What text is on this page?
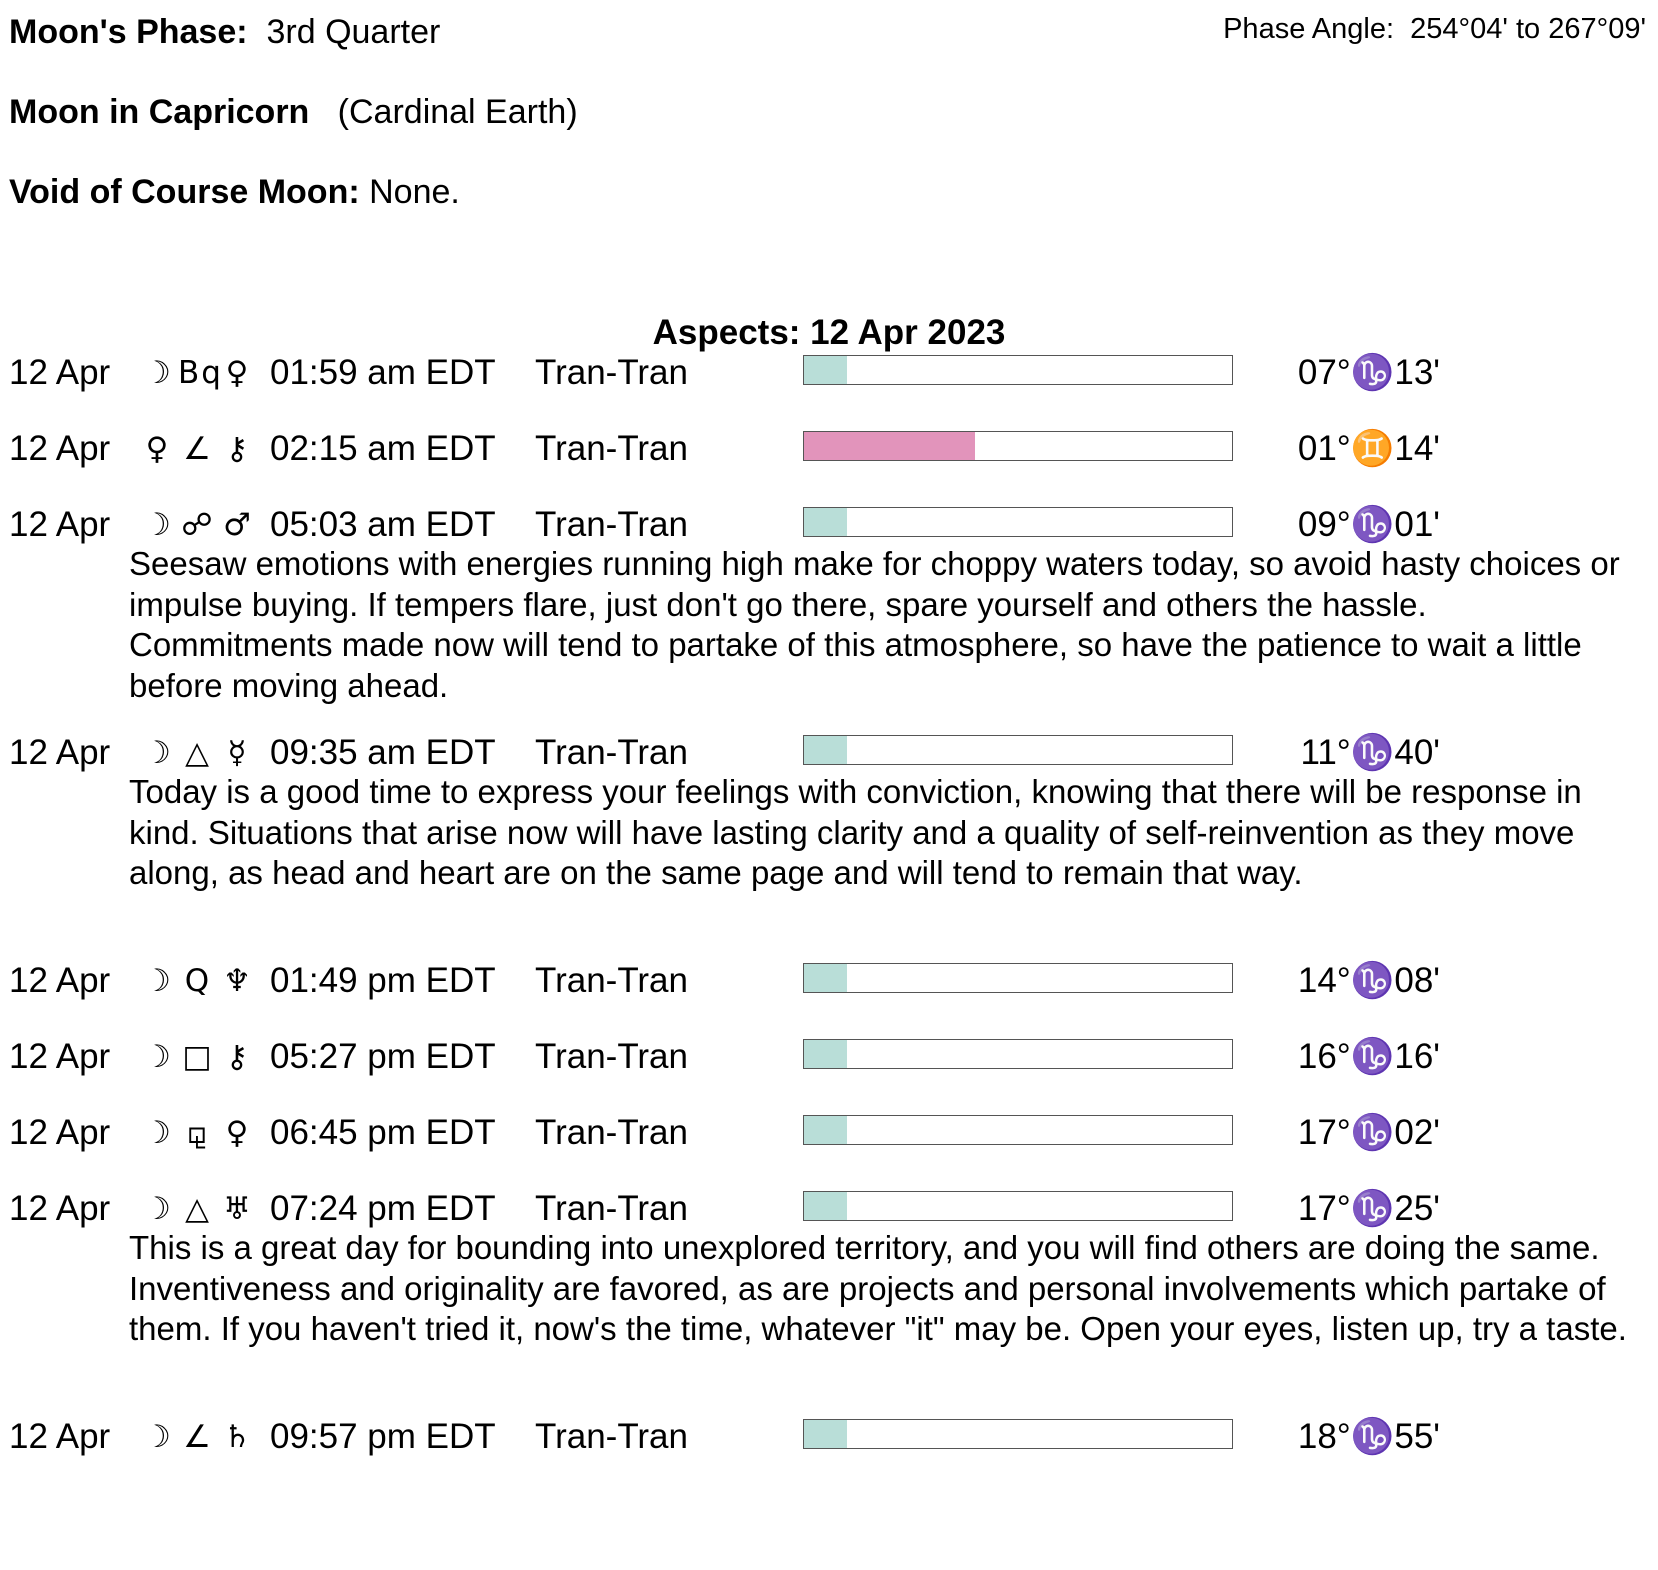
Moon's Phase: 3rd Quarter	Phase Angle: 254°04' to 267°09'
Moon in Capricorn (Cardinal Earth)
Void of Course Moon: None.
Aspects: 12 Apr 2023
12 Apr ☽ Bq♀ 01:59 am EDT Tran-Tran	07°♑13'
12 Apr ♀ ∠ ⚷ 02:15 am EDT Tran-Tran	01°♊14'
12 Apr ☽ ☍ ♂ 05:03 am EDT Tran-Tran	09°♑01'
Seesaw emotions with energies running high make for choppy waters today, so avoid hasty choices or impulse buying. If tempers flare, just don't go there, spare yourself and others the hassle. Commitments made now will tend to partake of this atmosphere, so have the patience to wait a little before moving ahead.
12 Apr ☽ △ ☿ 09:35 am EDT Tran-Tran	11°♑40'
Today is a good time to express your feelings with conviction, knowing that there will be response in kind. Situations that arise now will have lasting clarity and a quality of self-reinvention as they move along, as head and heart are on the same page and will tend to remain that way.
12 Apr ☽ Q ♆ 01:49 pm EDT Tran-Tran	14°♑08'
12 Apr ☽ □ ⚷ 05:27 pm EDT Tran-Tran	16°♑16'
12 Apr ☽ ⚼ ♀ 06:45 pm EDT Tran-Tran	17°♑02'
12 Apr ☽ △ ♅ 07:24 pm EDT Tran-Tran	17°♑25'
This is a great day for bounding into unexplored territory, and you will find others are doing the same. Inventiveness and originality are favored, as are projects and personal involvements which partake of them. If you haven't tried it, now's the time, whatever "it" may be. Open your eyes, listen up, try a taste.
12 Apr ☽ ∠ ♄ 09:57 pm EDT Tran-Tran	18°♑55'
